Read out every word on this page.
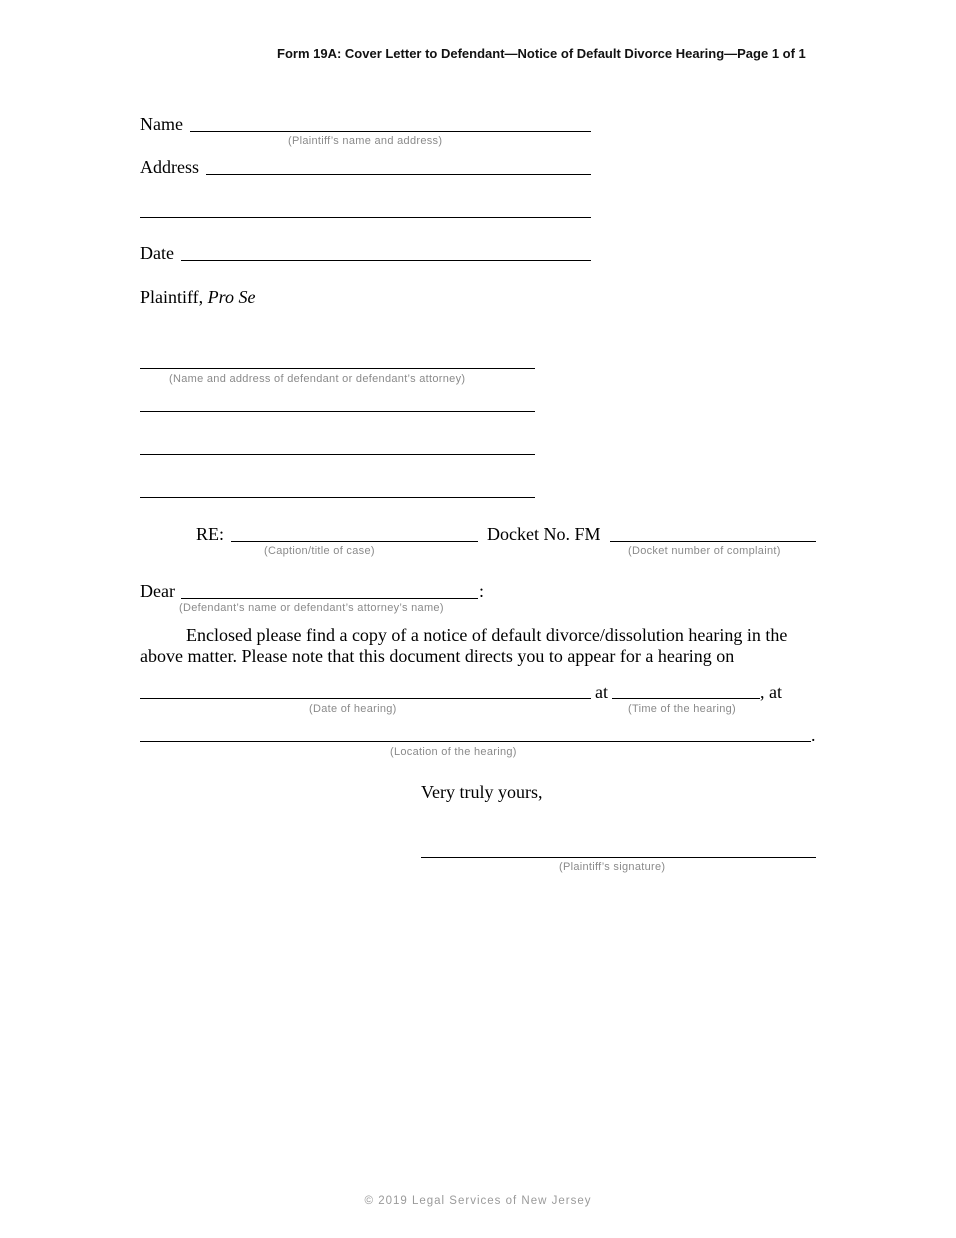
Form 19A: Cover Letter to Defendant—Notice of Default Divorce Hearing—Page 1 of 1
Name
(Plaintiff’s name and address)
Address
Date
Plaintiff, Pro Se
(Name and address of defendant or defendant’s attorney)
RE:
(Caption/title of case)
Docket No. FM
(Docket number of complaint)
Dear	:
(Defendant’s name or defendant’s attorney’s name)
Enclosed please find a copy of a notice of default divorce/dissolution hearing in the
above matter. Please note that this document directs you to appear for a hearing on
at	, at
(Date of hearing)	(Time of the hearing)
.
(Location of the hearing)
Very truly yours,
(Plaintiff’s signature)
© 2019 Legal Services of New Jersey
